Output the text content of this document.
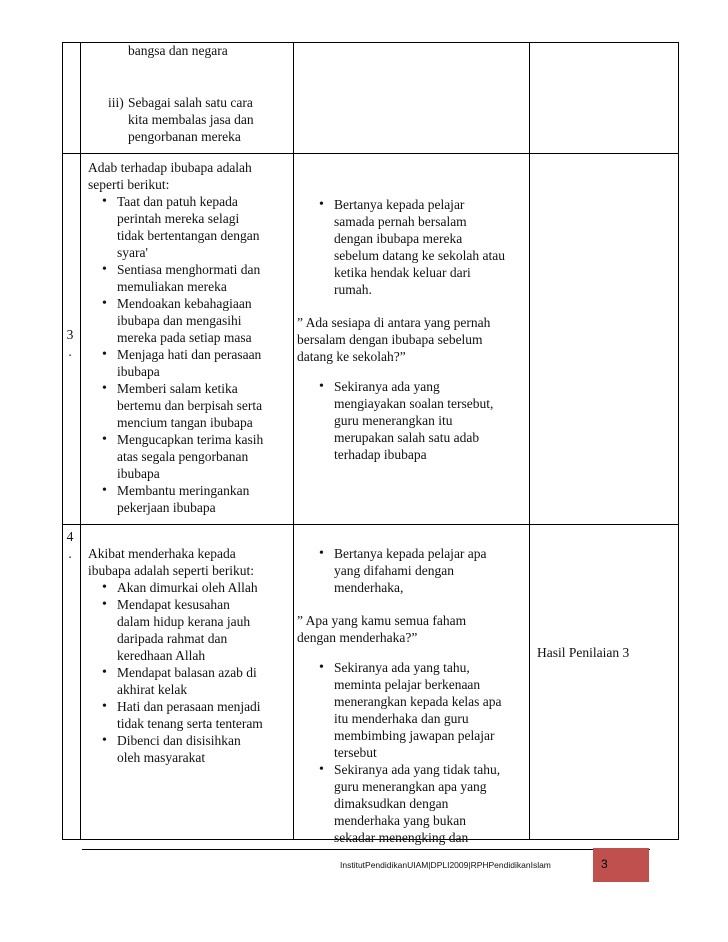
bangsa dan negara
iii) Sebagai salah satu cara
kita membalas jasa dan
pengorbanan mereka
3
.
Adab terhadap ibubapa adalah
seperti berikut:
• Taat dan patuh kepada
perintah mereka selagi
tidak bertentangan dengan
syara'
• Sentiasa menghormati dan
memuliakan mereka
• Mendoakan kebahagiaan
ibubapa dan mengasihi
mereka pada setiap masa
• Menjaga hati dan perasaan
ibubapa
• Memberi salam ketika
bertemu dan berpisah serta
mencium tangan ibubapa
• Mengucapkan terima kasih
atas segala pengorbanan
ibubapa
• Membantu meringankan
pekerjaan ibubapa
• Bertanya kepada pelajar
samada pernah bersalam
dengan ibubapa mereka
sebelum datang ke sekolah atau
ketika hendak keluar dari
rumah.
” Ada sesiapa di antara yang pernah
bersalam dengan ibubapa sebelum
datang ke sekolah?”
• Sekiranya ada yang
mengiayakan soalan tersebut,
guru menerangkan itu
merupakan salah satu adab
terhadap ibubapa
4
.	Akibat menderhaka kepada
ibubapa adalah seperti berikut:
• Akan dimurkai oleh Allah
• Mendapat kesusahan
dalam hidup kerana jauh
daripada rahmat dan
keredhaan Allah
• Mendapat balasan azab di
akhirat kelak
• Hati dan perasaan menjadi
tidak tenang serta tenteram
• Dibenci dan disisihkan
oleh masyarakat
• Bertanya kepada pelajar apa
yang difahami dengan
menderhaka,
” Apa yang kamu semua faham
dengan menderhaka?”
• Sekiranya ada yang tahu,
meminta pelajar berkenaan
menerangkan kepada kelas apa
itu menderhaka dan guru
membimbing jawapan pelajar
tersebut
• Sekiranya ada yang tidak tahu,
guru menerangkan apa yang
dimaksudkan dengan
menderhaka yang bukan
sekadar menengking dan
Hasil Penilaian 3
InstitutPendidikanUIAM|DPLI2009|RPHPendidikanIslam	3
